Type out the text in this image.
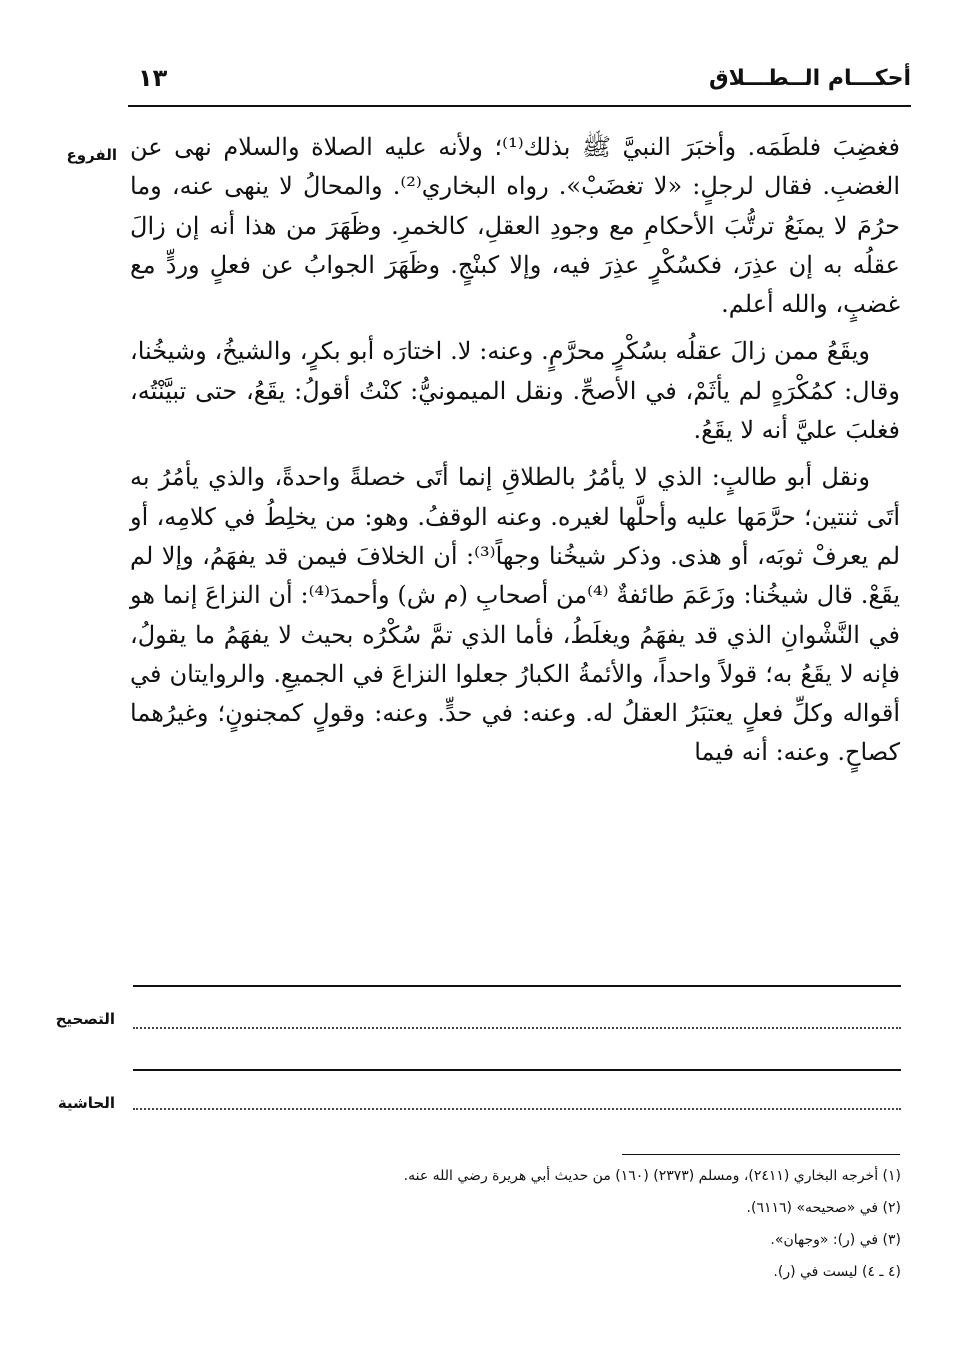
أحكـــام الــطـــلاق
١٣
الفروع فغضِبَ فلطَمَه. وأخبَرَ النبيَّ ﷺ بذلك⁽¹⁾؛ ولأنه عليه الصلاة والسلام نهى عن الغضبِ. فقال لرجلٍ: «لا تغضَبْ». رواه البخاري⁽²⁾. والمحالُ لا ينهى عنه، وما حرُمَ لا يمنَعُ ترتُّبَ الأحكامِ مع وجودِ العقلِ، كالخمرِ. وظَهَرَ من هذا أنه إن زالَ عقلُه به إن عذِرَ، فكسُكْرٍ عذِرَ فيه، وإلا كبنْجٍ. وظَهَرَ الجوابُ عن فعلٍ وردٍّ مع غضبٍ، والله أعلم.

ويقَعُ ممن زالَ عقلُه بسُكْرٍ محرَّمٍ. وعنه: لا. اختارَه أبو بكرٍ، والشيخُ، وشيخُنا، وقال: كمُكْرَهٍ لم يأثَمْ، في الأصحِّ. ونقل الميمونيُّ: كنْتُ أقولُ: يقَعُ، حتى تبيَّنْتُه، فغلبَ عليَّ أنه لا يقَعُ.

ونقل أبو طالبٍ: الذي لا يأمُرُ بالطلاقِ إنما أتَى خصلةً واحدةً، والذي يأمُرُ به أتَى ثنتين؛ حرَّمَها عليه وأحلَّها لغيره. وعنه الوقفُ. وهو: من يخلِطُ في كلامِه، أو لم يعرفْ ثوبَه، أو هذى. وذكر شيخُنا وجهاً⁽³⁾: أن الخلافَ فيمن قد يفهَمُ، وإلا لم يقَعْ. قال شيخُنا: وزَعَمَ طائفةٌ ⁽⁴⁾من أصحابِ (م ش) وأحمدَ⁽⁴⁾: أن النزاعَ إنما هو في النَّشْوانِ الذي قد يفهَمُ ويغلَطُ، فأما الذي تمَّ سُكْرُه بحيث لا يفهَمُ ما يقولُ، فإنه لا يقَعُ به؛ قولاً واحداً، والأئمةُ الكبارُ جعلوا النزاعَ في الجميعِ. والروايتان في أقواله وكلِّ فعلٍ يعتبَرُ العقلُ له. وعنه: في حدٍّ. وعنه: وقولٍ كمجنونٍ؛ وغيرُهما كصاحٍ. وعنه: أنه فيما

التصحيح
الحاشية

(١) أخرجه البخاري (٢٤١١)، ومسلم (٢٣٧٣) (١٦٠) من حديث أبي هريرة رضي الله عنه.

(٢) في «صحيحه» (٦١١٦).

(٣) في (ر): «وجهان».

(٤ ـ ٤) ليست في (ر).
